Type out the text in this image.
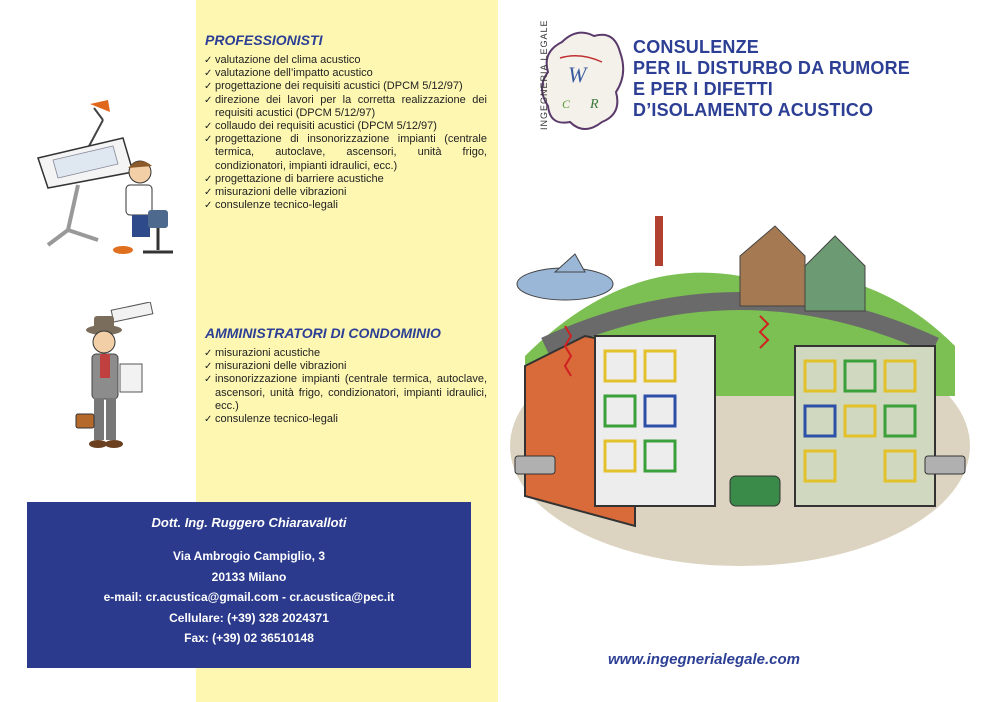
PROFESSIONISTI
✓ valutazione del clima acustico
✓ valutazione dell’impatto acustico
✓ progettazione dei requisiti acustici (DPCM 5/12/97)
✓ direzione dei lavori per la corretta realizzazione dei requisiti acustici (DPCM 5/12/97)
✓ collaudo dei requisiti acustici (DPCM 5/12/97)
✓ progettazione di insonorizzazione impianti (centrale termica, autoclave, ascensori, unità frigo, condizionatori, impianti idraulici, ecc.)
✓ progettazione di barriere acustiche
✓ misurazioni delle vibrazioni
✓ consulenze tecnico-legali
AMMINISTRATORI DI CONDOMINIO
✓ misurazioni acustiche
✓ misurazioni delle vibrazioni
✓ insonorizzazione impianti (centrale termica, autoclave, ascensori, unità frigo, condizionatori, impianti idraulici, ecc.)
✓ consulenze tecnico-legali
Dott. Ing. Ruggero Chiaravalloti
Via Ambrogio Campiglio, 3
20133 Milano
e-mail: cr.acustica@gmail.com - cr.acustica@pec.it
Cellulare: (+39) 328 2024371
Fax: (+39) 02 36510148
W
C R
INGEGNERIA LEGALE	CONSULENZE
PER IL DISTURBO DA RUMORE
E PER I DIFETTI
D’ISOLAMENTO ACUSTICO
www.ingegnerialegale.com
